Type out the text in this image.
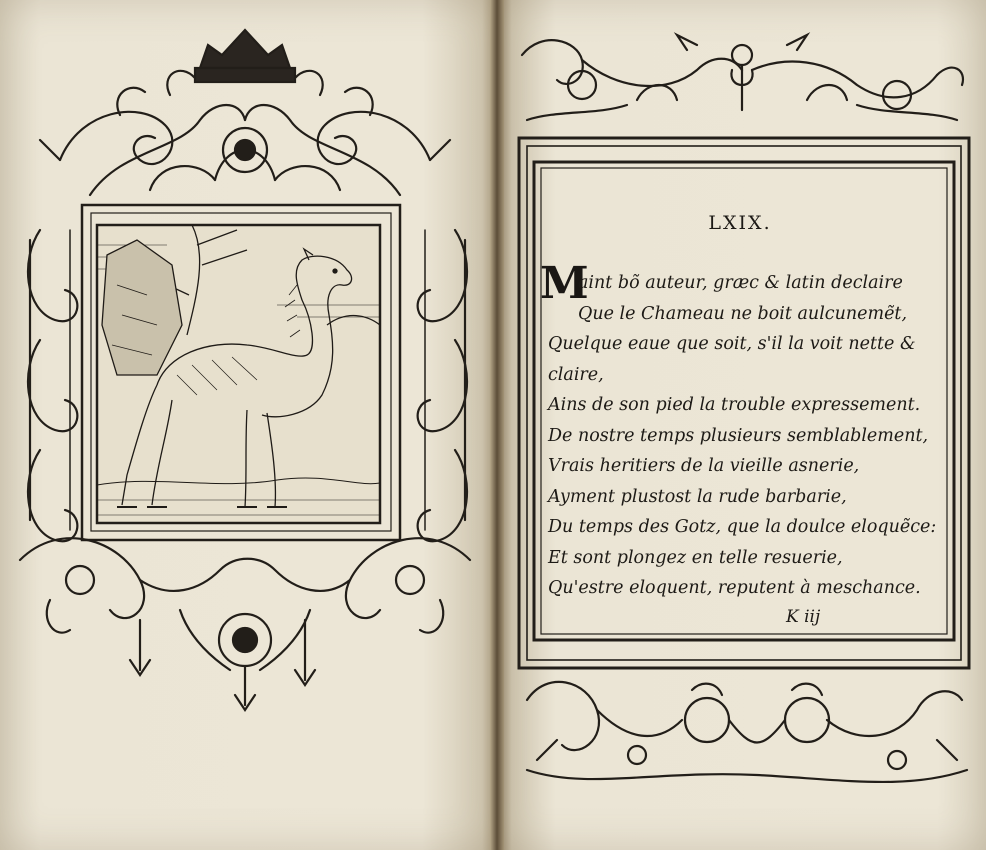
LXIX.
M
aint bõ auteur, græc & latin declaire
Que le Chameau ne boit aulcunemẽt,
Quelque eaue que soit, s'il la voit nette &
claire,
Ains de son pied la trouble expressement.
De nostre temps plusieurs semblablement,
Vrais heritiers de la vieille asnerie,
Ayment plustost la rude barbarie,
Du temps des Gotz, que la doulce eloquẽce:
Et sont plongez en telle resuerie,
Qu'estre eloquent, reputent à meschance.
K iij
